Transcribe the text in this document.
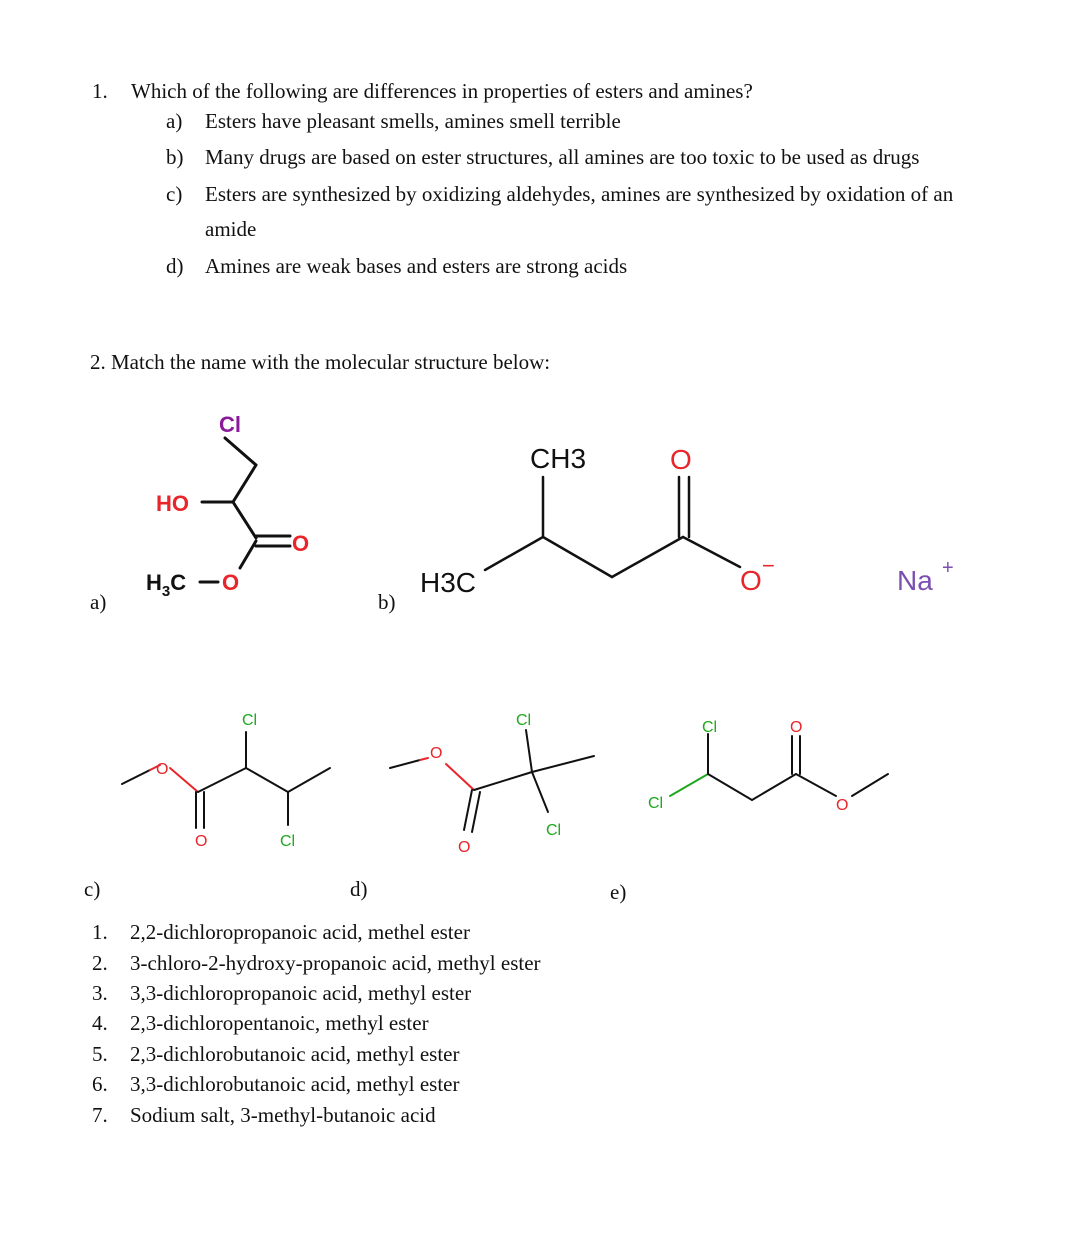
1. Which of the following are differences in properties of esters and amines?
a) Esters have pleasant smells, amines smell terrible
b) Many drugs are based on ester structures, all amines are too toxic to be used as drugs
c) Esters are synthesized by oxidizing aldehydes, amines are synthesized by oxidation of an
amide
d) Amines are weak bases and esters are strong acids
2. Match the name with the molecular structure below:
Cl
HO
O
$H_3C$ O
a)
CH3	O
H3C	O −	Na +
b)
O
O
Cl
Cl
c)
O
O
Cl
Cl
d)
Cl
Cl	O
O
e)
1. 2,2-dichloropropanoic acid, methel ester
2. 3-chloro-2-hydroxy-propanoic acid, methyl ester
3. 3,3-dichloropropanoic acid, methyl ester
4. 2,3-dichloropentanoic, methyl ester
5. 2,3-dichlorobutanoic acid, methyl ester
6. 3,3-dichlorobutanoic acid, methyl ester
7. Sodium salt, 3-methyl-butanoic acid
